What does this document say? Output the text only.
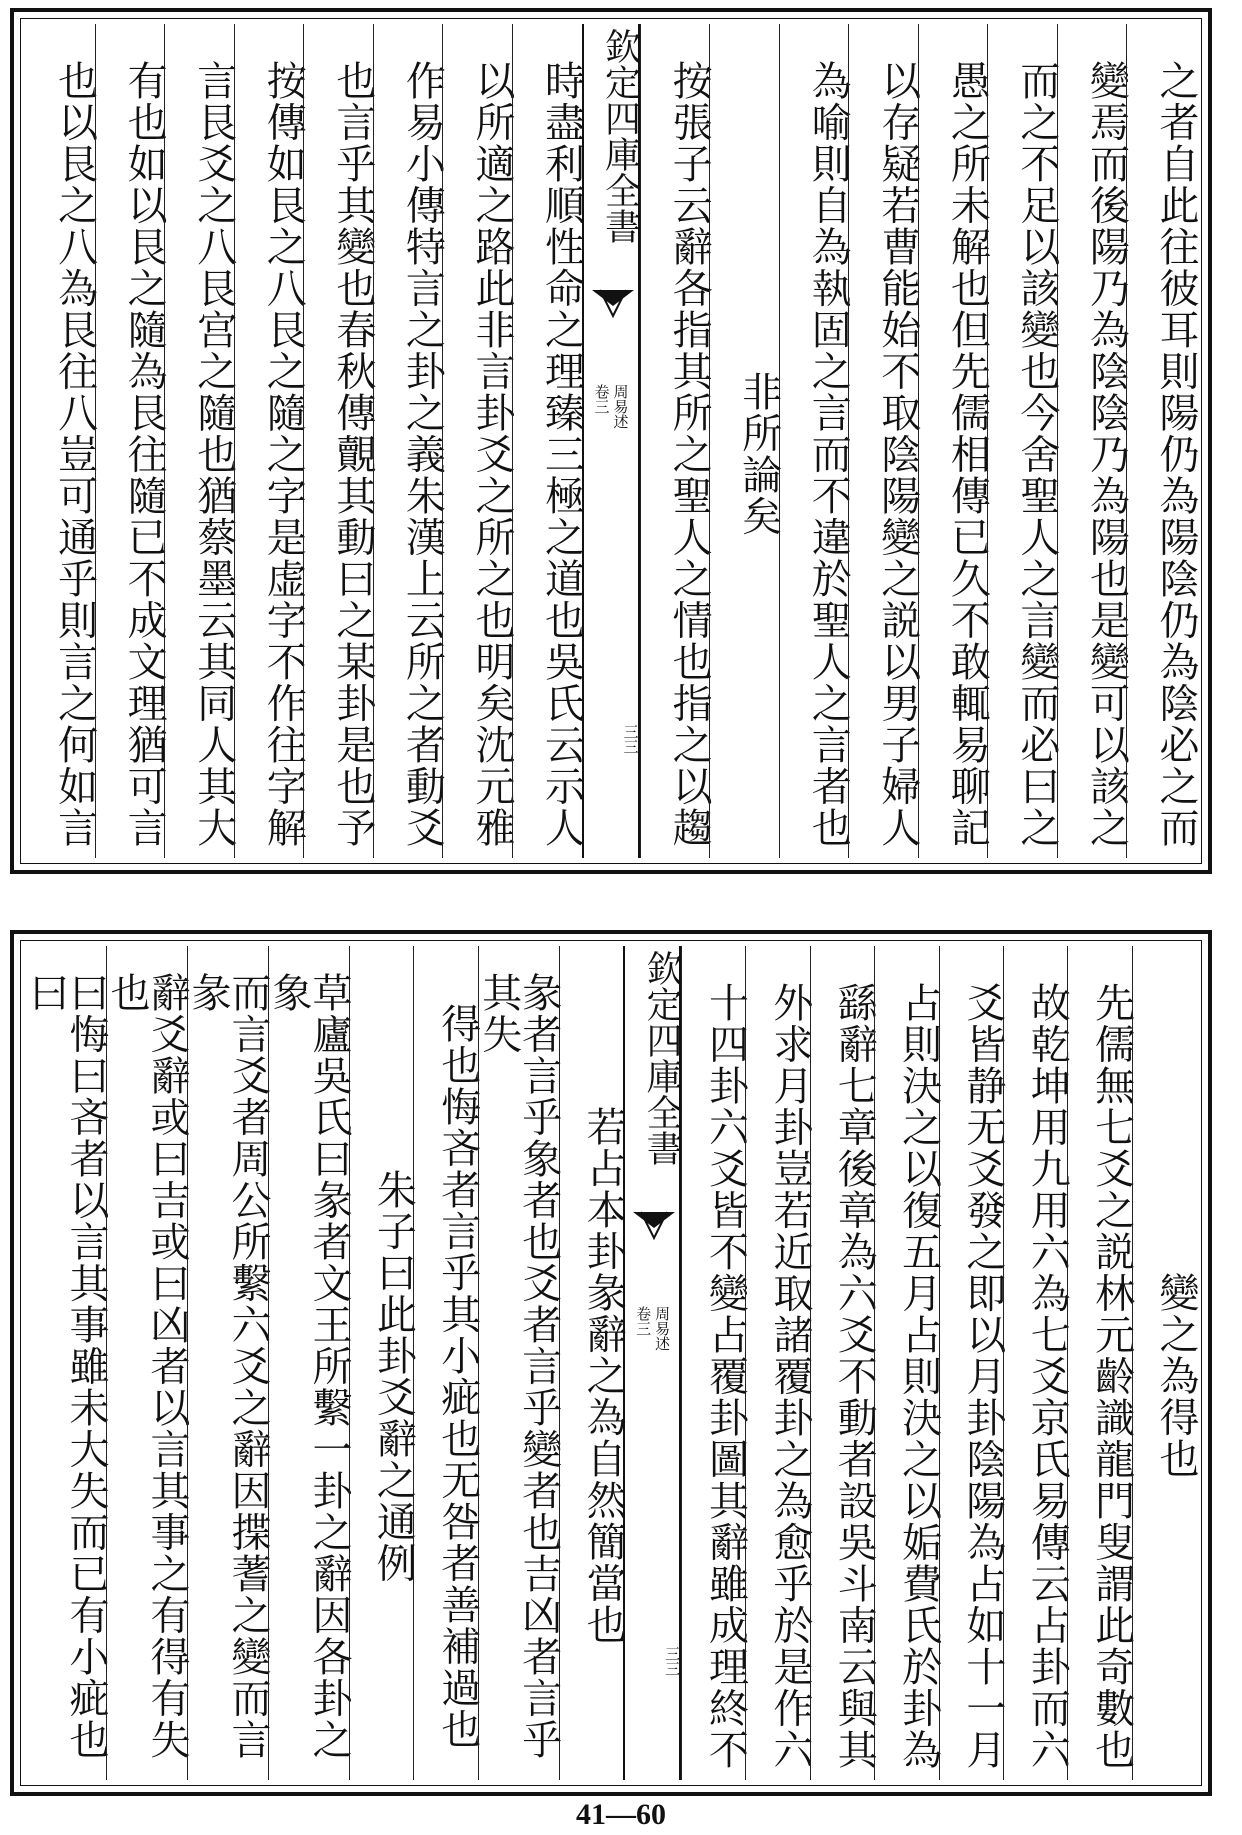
之者自此往彼耳則陽仍為陽陰仍為陰必之而
變焉而後陽乃為陰陰乃為陽也是變可以該之
而之不足以該變也今舍聖人之言變而必曰之
愚之所未解也但先儒相傳已久不敢輒易聊記
以存疑若曹能始不取陰陽變之説以男子婦人
為喻則自為執固之言而不違於聖人之言者也
非所論矣
按張子云辭各指其所之聖人之情也指之以趨
欽定四庫全書
周易述
卷三
三三
時盡利順性命之理臻三極之道也吳氏云示人
以所適之路此非言卦爻之所之也明矣沈元雅
作易小傳特言之卦之義朱漢上云所之者動爻
也言乎其變也春秋傳覿其動曰之某卦是也予
按傳如艮之八艮之隨之字是虚字不作往字解
言艮爻之八艮宫之隨也猶蔡墨云其同人其大
有也如以艮之隨為艮往隨已不成文理猶可言
也以艮之八為艮往八豈可通乎則言之何如言
變之為得也
先儒無七爻之説林元齡識龍門叟謂此奇數也
故乾坤用九用六為七爻京氏易傳云占卦而六
爻皆静无爻發之即以月卦陰陽為占如十一月
占則決之以復五月占則決之以姤費氏於卦為
繇辭七章後章為六爻不動者設吳斗南云與其
外求月卦豈若近取諸覆卦之為愈乎於是作六
十四卦六爻皆不變占覆卦圖其辭雖成理終不
欽定四庫全書
周易述
卷三
三三
若占本卦彖辭之為自然簡當也
彖者言乎象者也爻者言乎變者也吉凶者言乎其失
得也悔吝者言乎其小疵也无咎者善補過也
朱子曰此卦爻辭之通例
草廬吳氏曰彖者文王所繫一卦之辭因各卦之象
而言爻者周公所繫六爻之辭因揲蓍之變而言彖
辭爻辭或曰吉或曰凶者以言其事之有得有失也
曰悔曰吝者以言其事雖未大失而已有小疵也曰
41—60
